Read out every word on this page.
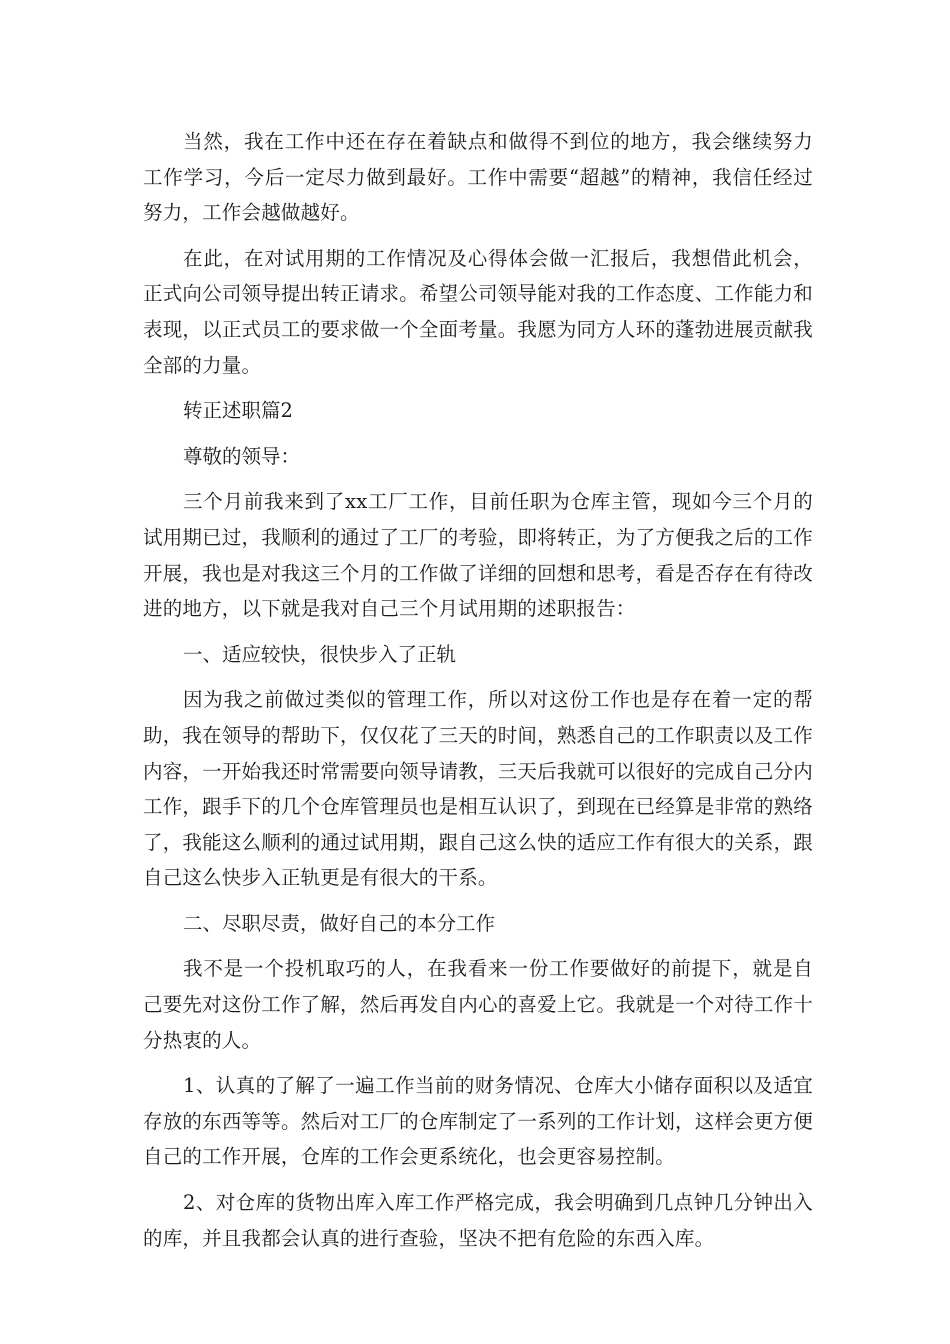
当然，我在工作中还在存在着缺点和做得不到位的地方，我会继续努力工作学习，今后一定尽力做到最好。工作中需要“超越”的精神，我信任经过努力，工作会越做越好。

在此，在对试用期的工作情况及心得体会做一汇报后，我想借此机会，正式向公司领导提出转正请求。希望公司领导能对我的工作态度、工作能力和表现，以正式员工的要求做一个全面考量。我愿为同方人环的蓬勃进展贡献我全部的力量。

转正述职篇2

尊敬的领导：

三个月前我来到了xx工厂工作，目前任职为仓库主管，现如今三个月的试用期已过，我顺利的通过了工厂的考验，即将转正，为了方便我之后的工作开展，我也是对我这三个月的工作做了详细的回想和思考，看是否存在有待改进的地方，以下就是我对自己三个月试用期的述职报告：

一、适应较快，很快步入了正轨

因为我之前做过类似的管理工作，所以对这份工作也是存在着一定的帮助，我在领导的帮助下，仅仅花了三天的时间，熟悉自己的工作职责以及工作内容，一开始我还时常需要向领导请教，三天后我就可以很好的完成自己分内工作，跟手下的几个仓库管理员也是相互认识了，到现在已经算是非常的熟络了，我能这么顺利的通过试用期，跟自己这么快的适应工作有很大的关系，跟自己这么快步入正轨更是有很大的干系。

二、尽职尽责，做好自己的本分工作

我不是一个投机取巧的人，在我看来一份工作要做好的前提下，就是自己要先对这份工作了解，然后再发自内心的喜爱上它。我就是一个对待工作十分热衷的人。

1、认真的了解了一遍工作当前的财务情况、仓库大小储存面积以及适宜存放的东西等等。然后对工厂的仓库制定了一系列的工作计划，这样会更方便自己的工作开展，仓库的工作会更系统化，也会更容易控制。

2、对仓库的货物出库入库工作严格完成，我会明确到几点钟几分钟出入的库，并且我都会认真的进行查验，坚决不把有危险的东西入库。
